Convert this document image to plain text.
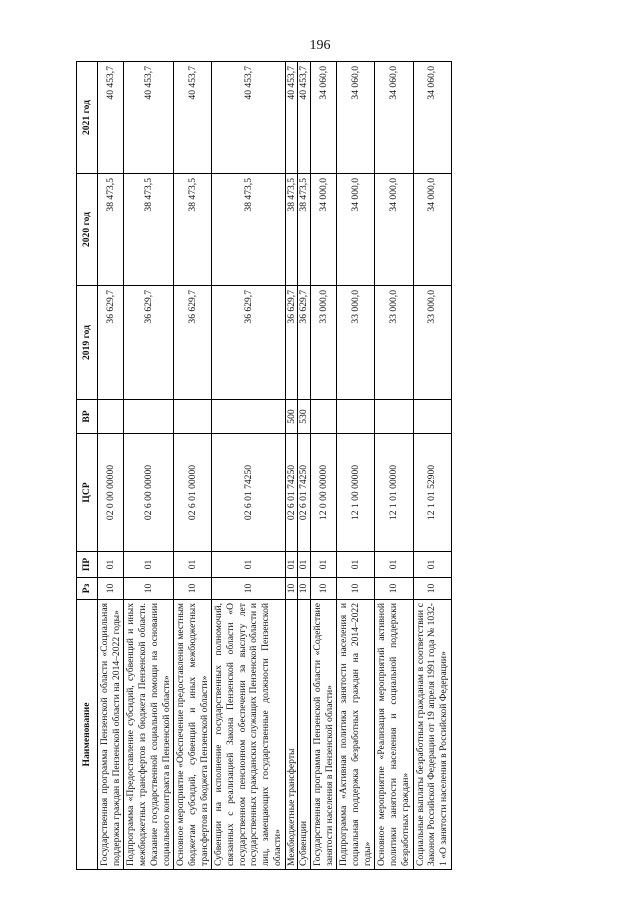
196
Наименование	Рз	ПР	ЦСР	ВР	2019 год	2020 год	2021 год
Государственная программа Пензенской области «Социальная поддержка граждан в Пензенской области на 2014–2022 годы»	10	01	02 0 00 00000		36 629,7	38 473,5	40 453,7
Подпрограмма «Предоставление субсидий, субвенций и иных межбюджетных трансфертов из бюджета Пензенской области. Оказание государственной социальной помощи на основании социального контракта в Пензенской области»	10	01	02 6 00 00000		36 629,7	38 473,5	40 453,7
Основное мероприятие «Обеспечение предоставления местным бюджетам субсидий, субвенций и иных межбюджетных трансфертов из бюджета Пензенской области»	10	01	02 6 01 00000		36 629,7	38 473,5	40 453,7
Субвенции на исполнение государственных полномочий, связанных с реализацией Закона Пензенской области «О государственном пенсионном обеспечении за выслугу лет государственных гражданских служащих Пензенской области и лиц, замещающих государственные должности Пензенской области»	10	01	02 6 01 74250		36 629,7	38 473,5	40 453,7
Межбюджетные трансферты	10	01	02 6 01 74250	500	36 629,7	38 473,5	40 453,7
Субвенции	10	01	02 6 01 74250	530	36 629,7	38 473,5	40 453,7
Государственная программа Пензенской области «Содействие занятости населения в Пензенской области»	10	01	12 0 00 00000		33 000,0	34 000,0	34 060,0
Подпрограмма «Активная политика занятости населения и социальная поддержка безработных граждан на 2014–2022 годы»	10	01	12 1 00 00000		33 000,0	34 000,0	34 060,0
Основное мероприятие «Реализация мероприятий активной политики занятости населения и социальной поддержки безработных граждан»	10	01	12 1 01 00000		33 000,0	34 000,0	34 060,0
Социальные выплаты безработным гражданам в соответствии с Законом Российской Федерации от 19 апреля 1991 года № 1032-1 «О занятости населения в Российской Федерации»	10	01	12 1 01 52900		33 000,0	34 000,0	34 060,0
